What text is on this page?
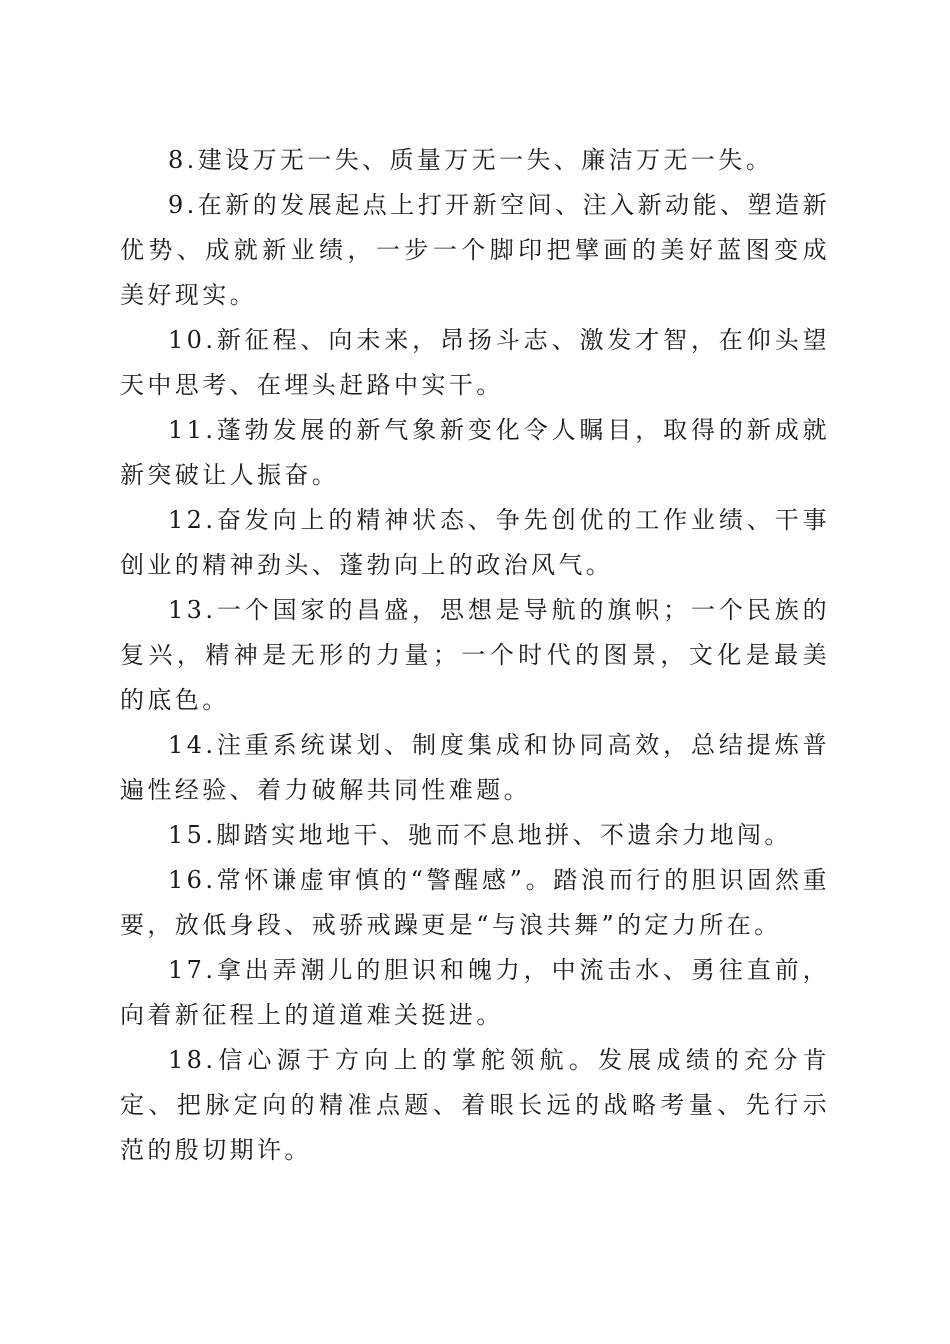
8.建设万无一失、质量万无一失、廉洁万无一失。

9.在新的发展起点上打开新空间、注入新动能、塑造新优势、成就新业绩，一步一个脚印把擘画的美好蓝图变成美好现实。

10.新征程、向未来，昂扬斗志、激发才智，在仰头望天中思考、在埋头赶路中实干。

11.蓬勃发展的新气象新变化令人瞩目，取得的新成就新突破让人振奋。

12.奋发向上的精神状态、争先创优的工作业绩、干事创业的精神劲头、蓬勃向上的政治风气。

13.一个国家的昌盛，思想是导航的旗帜；一个民族的复兴，精神是无形的力量；一个时代的图景，文化是最美的底色。

14.注重系统谋划、制度集成和协同高效，总结提炼普遍性经验、着力破解共同性难题。

15.脚踏实地地干、驰而不息地拼、不遗余力地闯。

16.常怀谦虚审慎的“警醒感”。踏浪而行的胆识固然重要，放低身段、戒骄戒躁更是“与浪共舞”的定力所在。

17.拿出弄潮儿的胆识和魄力，中流击水、勇往直前，向着新征程上的道道难关挺进。

18.信心源于方向上的掌舵领航。发展成绩的充分肯定、把脉定向的精准点题、着眼长远的战略考量、先行示范的殷切期许。
